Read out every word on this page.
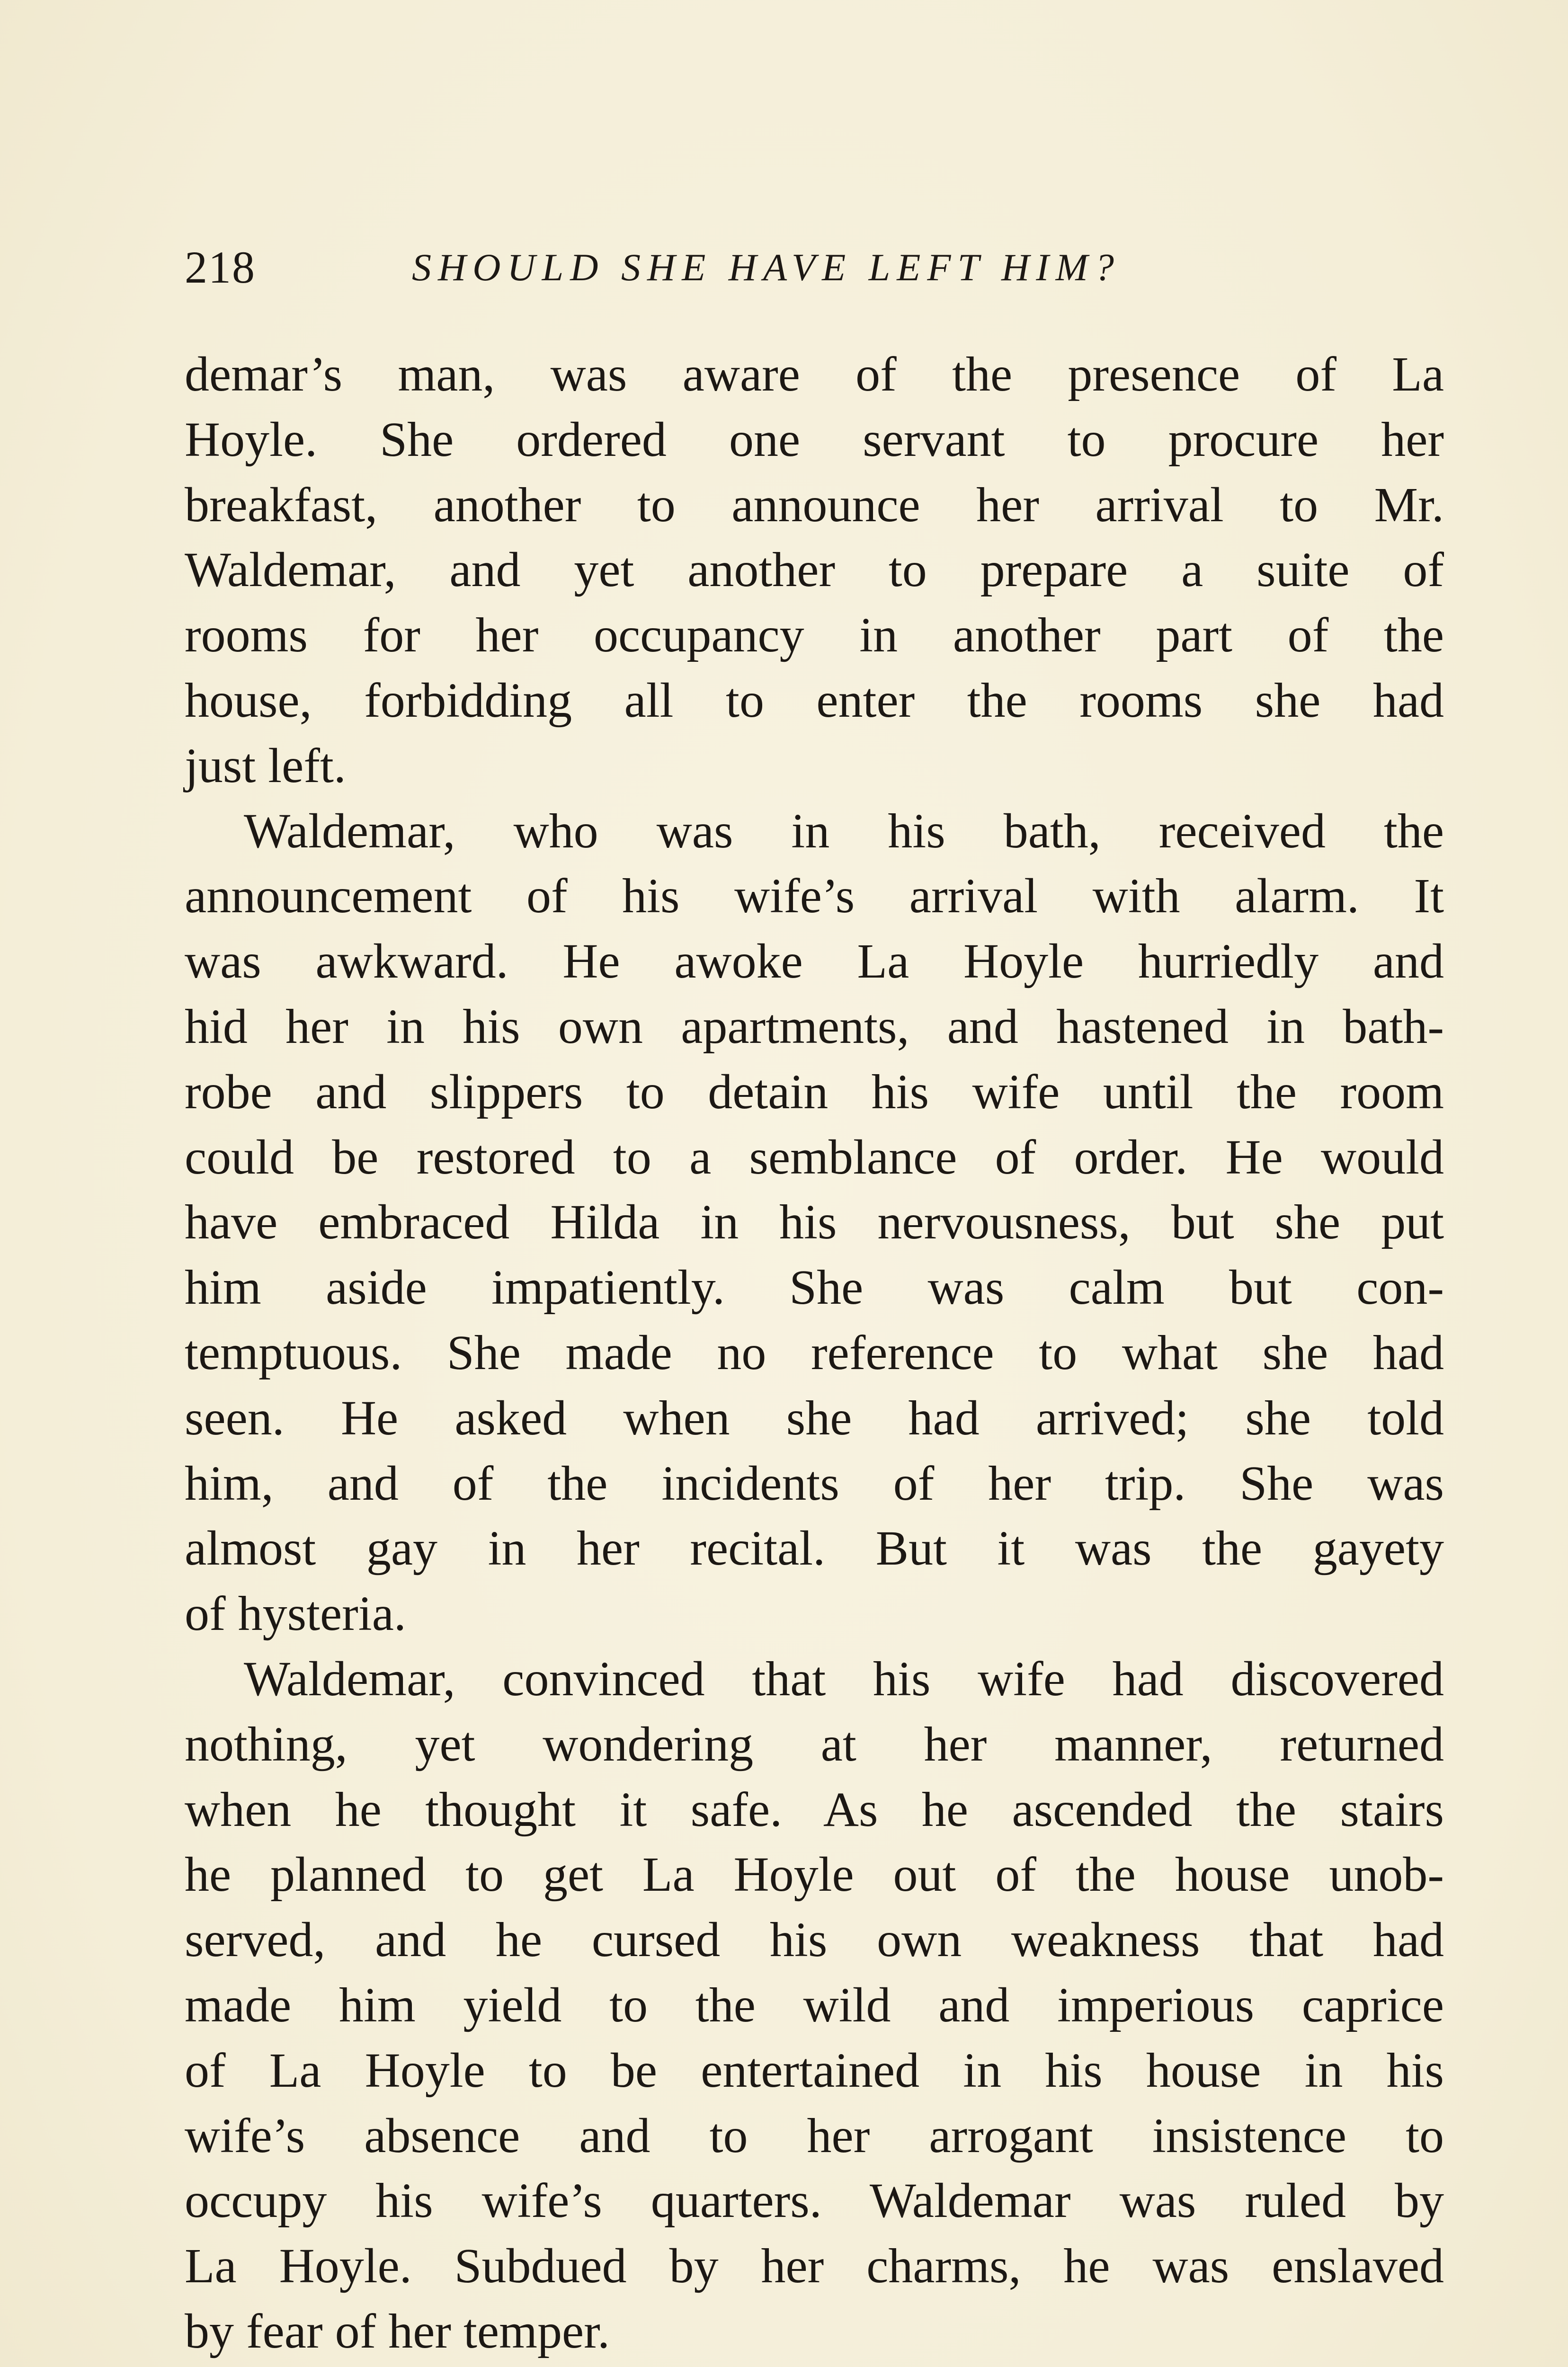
218	SHOULD SHE HAVE LEFT HIM?
demar’s man, was aware of the presence of La
Hoyle. She ordered one servant to procure her
breakfast, another to announce her arrival to Mr.
Waldemar, and yet another to prepare a suite of
rooms for her occupancy in another part of the
house, forbidding all to enter the rooms she had
just left.
Waldemar, who was in his bath, received the
announcement of his wife’s arrival with alarm. It
was awkward. He awoke La Hoyle hurriedly and
hid her in his own apartments, and hastened in bath-
robe and slippers to detain his wife until the room
could be restored to a semblance of order. He would
have embraced Hilda in his nervousness, but she put
him aside impatiently. She was calm but con-
temptuous. She made no reference to what she had
seen. He asked when she had arrived; she told
him, and of the incidents of her trip. She was
almost gay in her recital. But it was the gayety
of hysteria.
Waldemar, convinced that his wife had discovered
nothing, yet wondering at her manner, returned
when he thought it safe. As he ascended the stairs
he planned to get La Hoyle out of the house unob-
served, and he cursed his own weakness that had
made him yield to the wild and imperious caprice
of La Hoyle to be entertained in his house in his
wife’s absence and to her arrogant insistence to
occupy his wife’s quarters. Waldemar was ruled by
La Hoyle. Subdued by her charms, he was enslaved
by fear of her temper.
